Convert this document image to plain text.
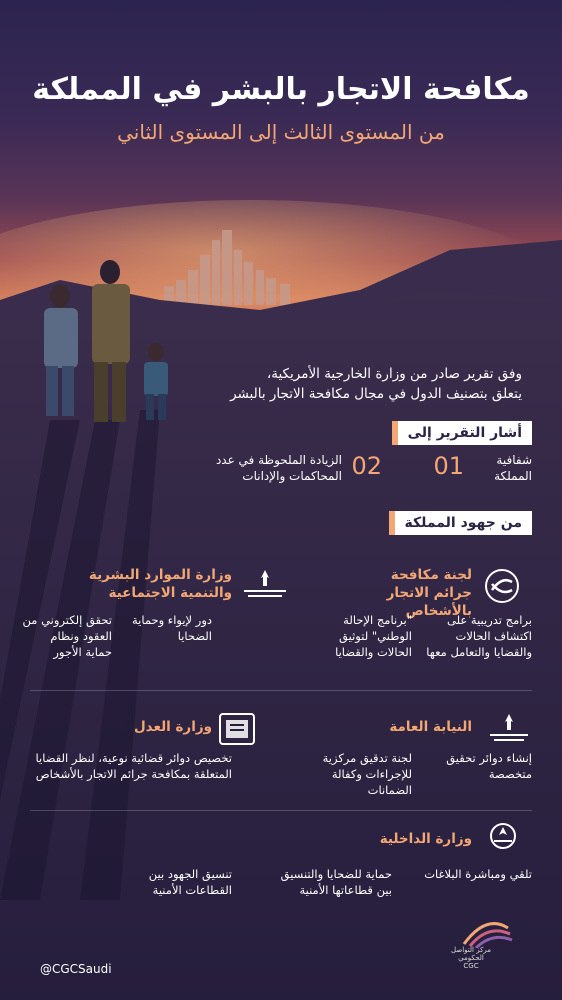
مكافحة الاتجار بالبشر في المملكة
من المستوى الثالث إلى المستوى الثاني
وفق تقرير صادر من وزارة الخارجية الأمريكية،
يتعلق بتصنيف الدول في مجال مكافحة الاتجار بالبشر
أشار التقرير إلى
01	شفافية المملكة
02
الزيادة الملحوظة في عدد المحاكمات والإدانات
من جهود المملكة
لجنة مكافحة جرائم الاتجار بالأشخاص
برامج تدريبية على اكتشاف الحالات والقضايا والتعامل معها
"برنامج الإحالة الوطني" لتوثيق الحالات والقضايا
وزارة الموارد البشرية والتنمية الاجتماعية
دور لإيواء وحماية الضحايا
تحقق إلكتروني من العقود ونظام حماية الأجور
النيابة العامة
إنشاء دوائر تحقيق متخصصة
لجنة تدقيق مركزية للإجراءات وكفالة الضمانات
وزارة العدل
تخصيص دوائر قضائية نوعية، لنظر القضايا المتعلقة بمكافحة جرائم الاتجار بالأشخاص
وزارة الداخلية
تلقي ومباشرة البلاغات
حماية للضحايا والتنسيق بين قطاعاتها الأمنية
تنسيق الجهود بين القطاعات الأمنية
@CGCSaudi
مركز التواصل الحكومي
CGC
